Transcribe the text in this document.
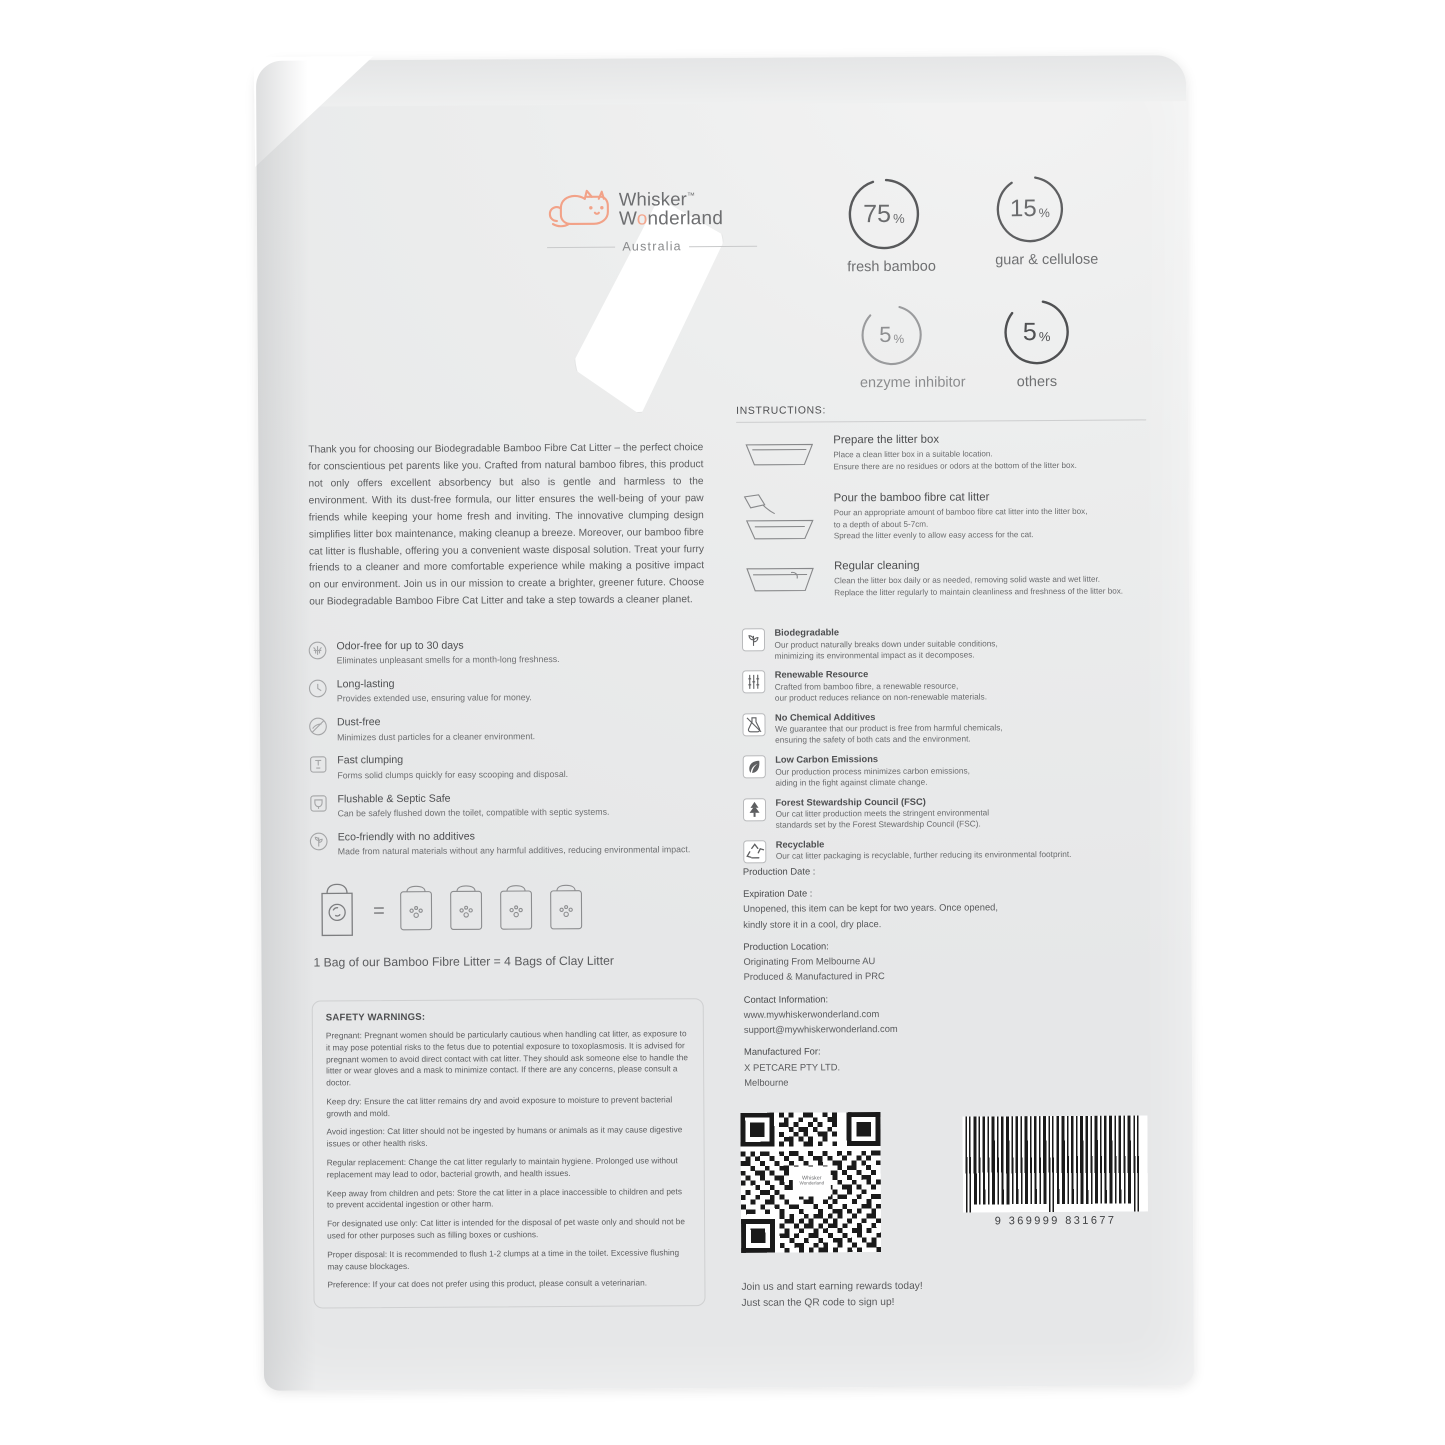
Whisker™
Wonderland
Australia
75 %
fresh bamboo
15 %
guar & cellulose
5 %
enzyme inhibitor
5 %
others
Thank you for choosing our Biodegradable Bamboo Fibre Cat Litter – the perfect choice for conscientious pet parents like you. Crafted from natural bamboo fibres, this product not only offers excellent absorbency but also is gentle and harmless to the environment. With its dust-free formula, our litter ensures the well-being of your paw friends while keeping your home fresh and inviting. The innovative clumping design simplifies litter box maintenance, making cleanup a breeze. Moreover, our bamboo fibre cat litter is flushable, offering you a convenient waste disposal solution. Treat your furry friends to a cleaner and more comfortable experience while making a positive impact on our environment. Join us in our mission to create a brighter, greener future. Choose our Biodegradable Bamboo Fibre Cat Litter and take a step towards a cleaner planet.
Odor-free for up to 30 days
Eliminates unpleasant smells for a month-long freshness.
Long-lasting
Provides extended use, ensuring value for money.
Dust-free
Minimizes dust particles for a cleaner environment.
Fast clumping
Forms solid clumps quickly for easy scooping and disposal.
Flushable & Septic Safe
Can be safely flushed down the toilet, compatible with septic systems.
Eco-friendly with no additives
Made from natural materials without any harmful additives, reducing environmental impact.
=
1 Bag of our Bamboo Fibre Litter = 4 Bags of Clay Litter
SAFETY WARNINGS:

Pregnant: Pregnant women should be particularly cautious when handling cat litter, as exposure to it may pose potential risks to the fetus due to potential exposure to toxoplasmosis. It is advised for pregnant women to avoid direct contact with cat litter. They should ask someone else to handle the litter or wear gloves and a mask to minimize contact. If there are any concerns, please consult a doctor.

Keep dry: Ensure the cat litter remains dry and avoid exposure to moisture to prevent bacterial growth and mold.

Avoid ingestion: Cat litter should not be ingested by humans or animals as it may cause digestive issues or other health risks.

Regular replacement: Change the cat litter regularly to maintain hygiene. Prolonged use without replacement may lead to odor, bacterial growth, and health issues.

Keep away from children and pets: Store the cat litter in a place inaccessible to children and pets to prevent accidental ingestion or other harm.

For designated use only: Cat litter is intended for the disposal of pet waste only and should not be used for other purposes such as filling boxes or cushions.

Proper disposal: It is recommended to flush 1-2 clumps at a time in the toilet. Excessive flushing may cause blockages.

Preference: If your cat does not prefer using this product, please consult a veterinarian.

INSTRUCTIONS:
Prepare the litter box
Place a clean litter box in a suitable location.
Ensure there are no residues or odors at the bottom of the litter box.
Pour the bamboo fibre cat litter
Pour an appropriate amount of bamboo fibre cat litter into the litter box,
to a depth of about 5-7cm.
Spread the litter evenly to allow easy access for the cat.
Regular cleaning
Clean the litter box daily or as needed, removing solid waste and wet litter.
Replace the litter regularly to maintain cleanliness and freshness of the litter box.
Biodegradable
Our product naturally breaks down under suitable conditions,
minimizing its environmental impact as it decomposes.
Renewable Resource
Crafted from bamboo fibre, a renewable resource,
our product reduces reliance on non-renewable materials.
No Chemical Additives
We guarantee that our product is free from harmful chemicals,
ensuring the safety of both cats and the environment.
Low Carbon Emissions
Our production process minimizes carbon emissions,
aiding in the fight against climate change.
Forest Stewardship Council (FSC)
Our cat litter production meets the stringent environmental
standards set by the Forest Stewardship Council (FSC).
Recyclable
Our cat litter packaging is recyclable, further reducing its environmental footprint.
Production Date :
Expiration Date :
Unopened, this item can be kept for two years. Once opened,
kindly store it in a cool, dry place.
Production Location:
Originating From Melbourne AU
Produced & Manufactured in PRC
Contact Information:
www.mywhiskerwonderland.com
support@mywhiskerwonderland.com
Manufactured For:
X PETCARE PTY LTD.
Melbourne
Whisker
Wonderland
9 369999 831677
Join us and start earning rewards today!
Just scan the QR code to sign up!
